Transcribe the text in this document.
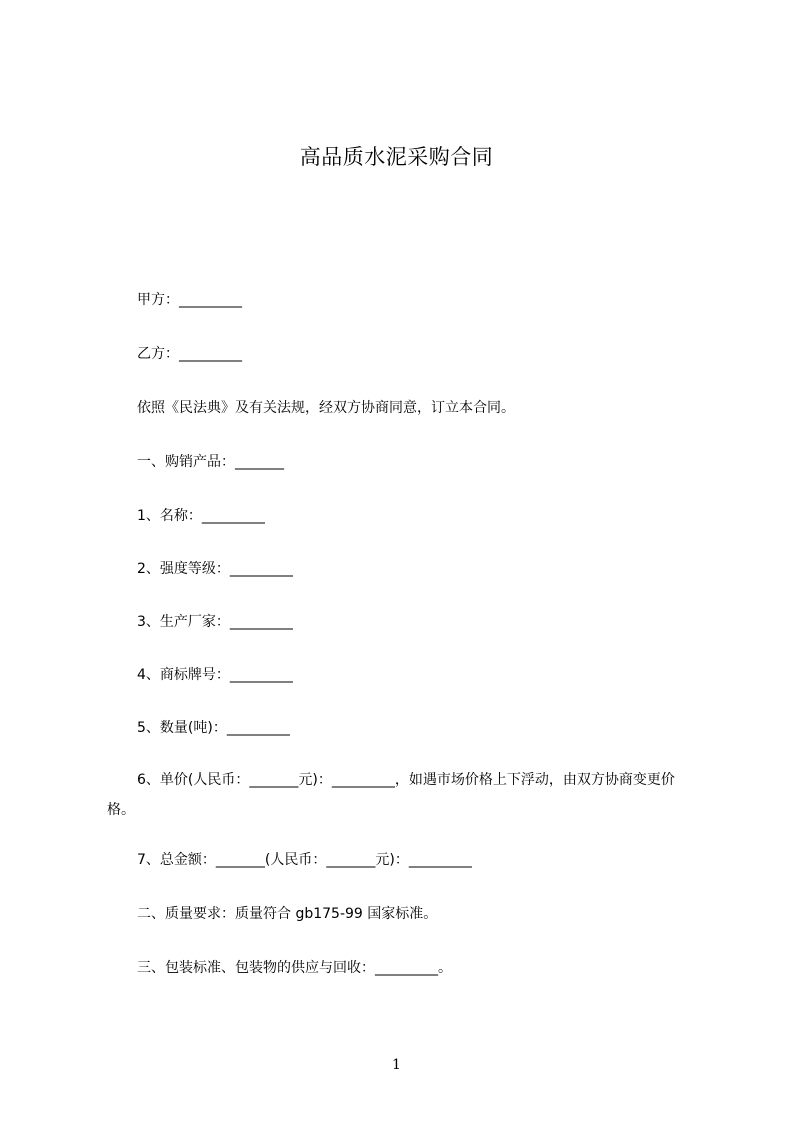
高品质水泥采购合同
甲方：_________
乙方：_________
依照《民法典》及有关法规，经双方协商同意，订立本合同。
一、购销产品：_______
1、名称：_________
2、强度等级：_________
3、生产厂家：_________
4、商标牌号：_________
5、数量(吨)：_________
6、单价(人民币：_______元)：_________，如遇市场价格上下浮动，由双方协商变更价格。
7、总金额：_______(人民币：_______元)：_________
二、质量要求：质量符合 gb175-99 国家标准。
三、包装标准、包装物的供应与回收：_________。
1
